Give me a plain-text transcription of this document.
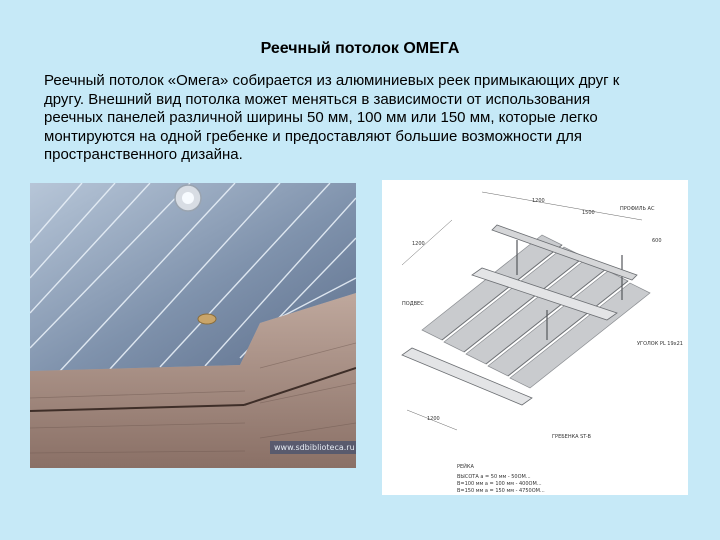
Реечный потолок ОМЕГА
Реечный потолок «Омега» собирается из алюминиевых реек примыкающих друг к
другу. Внешний вид потолка может меняться в зависимости от использования
реечных панелей различной ширины 50 мм, 100 мм или 150 мм, которые легко
монтируются на одной гребенке и предоставляют большие возможности для
пространственного дизайна.
www.sdbiblioteca.ru
1200
1500
1200
1200
600
ПРОФИЛЬ АС
УГОЛОК PL 19х21
ГРЕБЕНКА ST-B
РЕЙКА
ПОДВЕС
ВЫСОТА a = 50 мм - 50ОМ...
В=100 мм a = 100 мм - 400ОМ...
В=150 мм a = 150 мм - 4750ОМ...
